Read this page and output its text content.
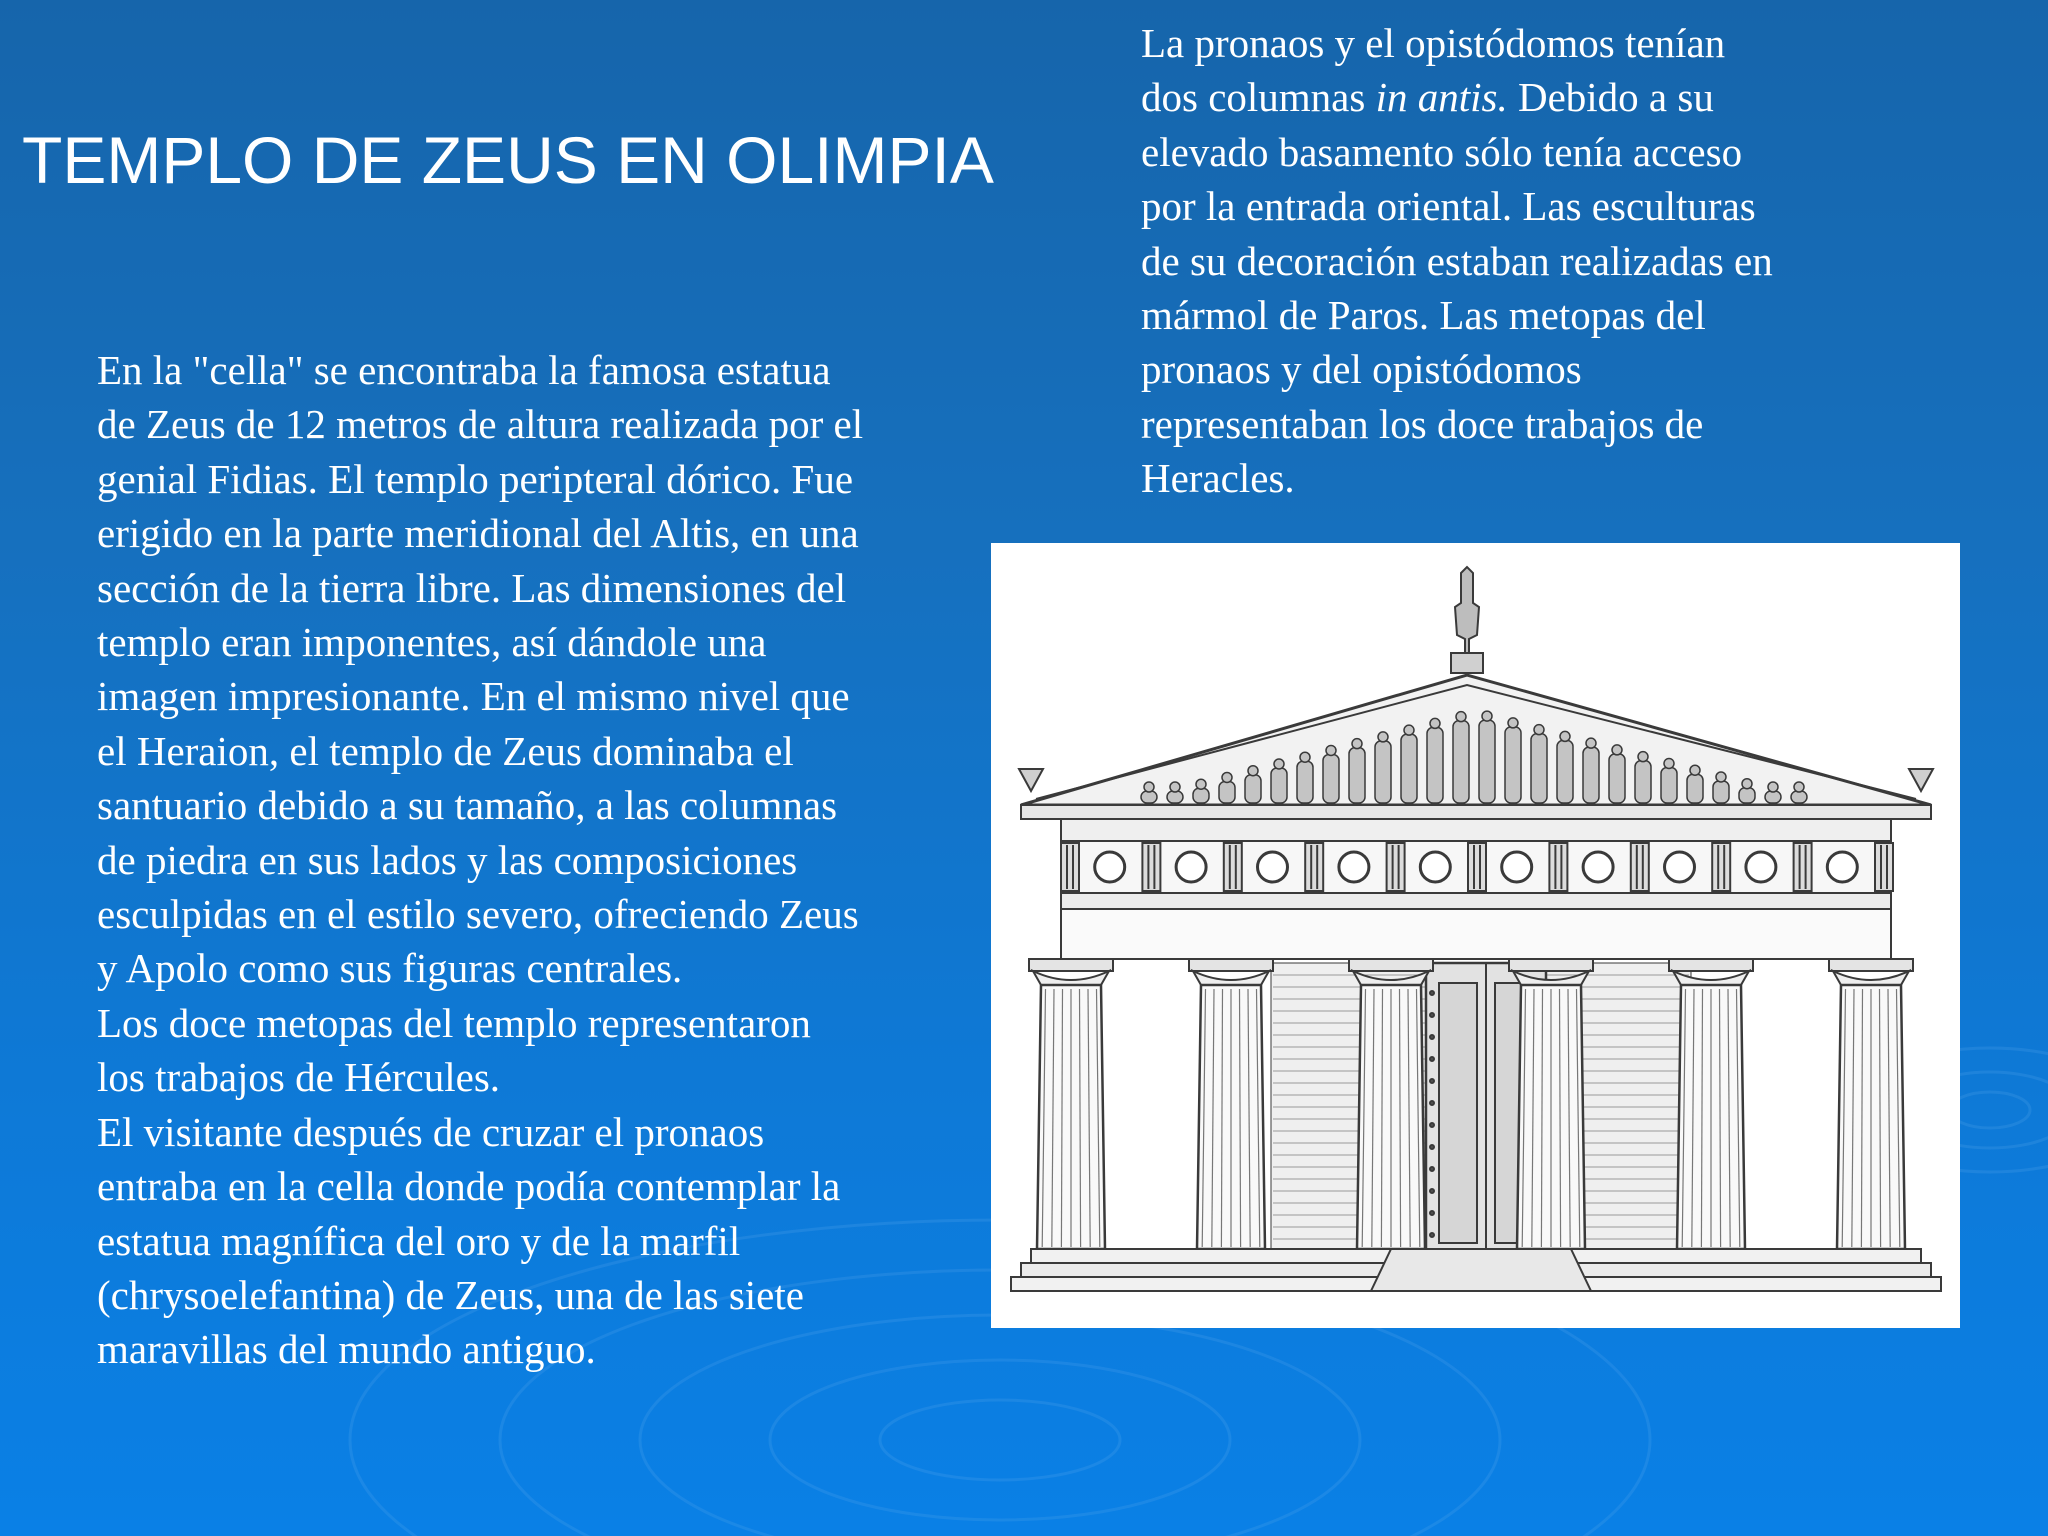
TEMPLO DE ZEUS EN OLIMPIA
La pronaos y el opistódomos tenían
dos columnas in antis. Debido a su
elevado basamento sólo tenía acceso
por la entrada oriental. Las esculturas
de su decoración estaban realizadas en
mármol de Paros. Las metopas del
pronaos y del opistódomos
representaban los doce trabajos de
Heracles.
En la "cella" se encontraba la famosa estatua
de Zeus de 12 metros de altura realizada por el
genial Fidias. El templo peripteral dórico. Fue
erigido en la parte meridional del Altis, en una
sección de la tierra libre. Las dimensiones del
templo eran imponentes, así dándole una
imagen impresionante. En el mismo nivel que
el Heraion, el templo de Zeus dominaba el
santuario debido a su tamaño, a las columnas
de piedra en sus lados y las composiciones
esculpidas en el estilo severo, ofreciendo Zeus
y Apolo como sus figuras centrales.
Los doce metopas del templo representaron
los trabajos de Hércules.
El visitante después de cruzar el pronaos
entraba en la cella donde podía contemplar la
estatua magnífica del oro y de la marfil
(chrysoelefantina) de Zeus, una de las siete
maravillas del mundo antiguo.
